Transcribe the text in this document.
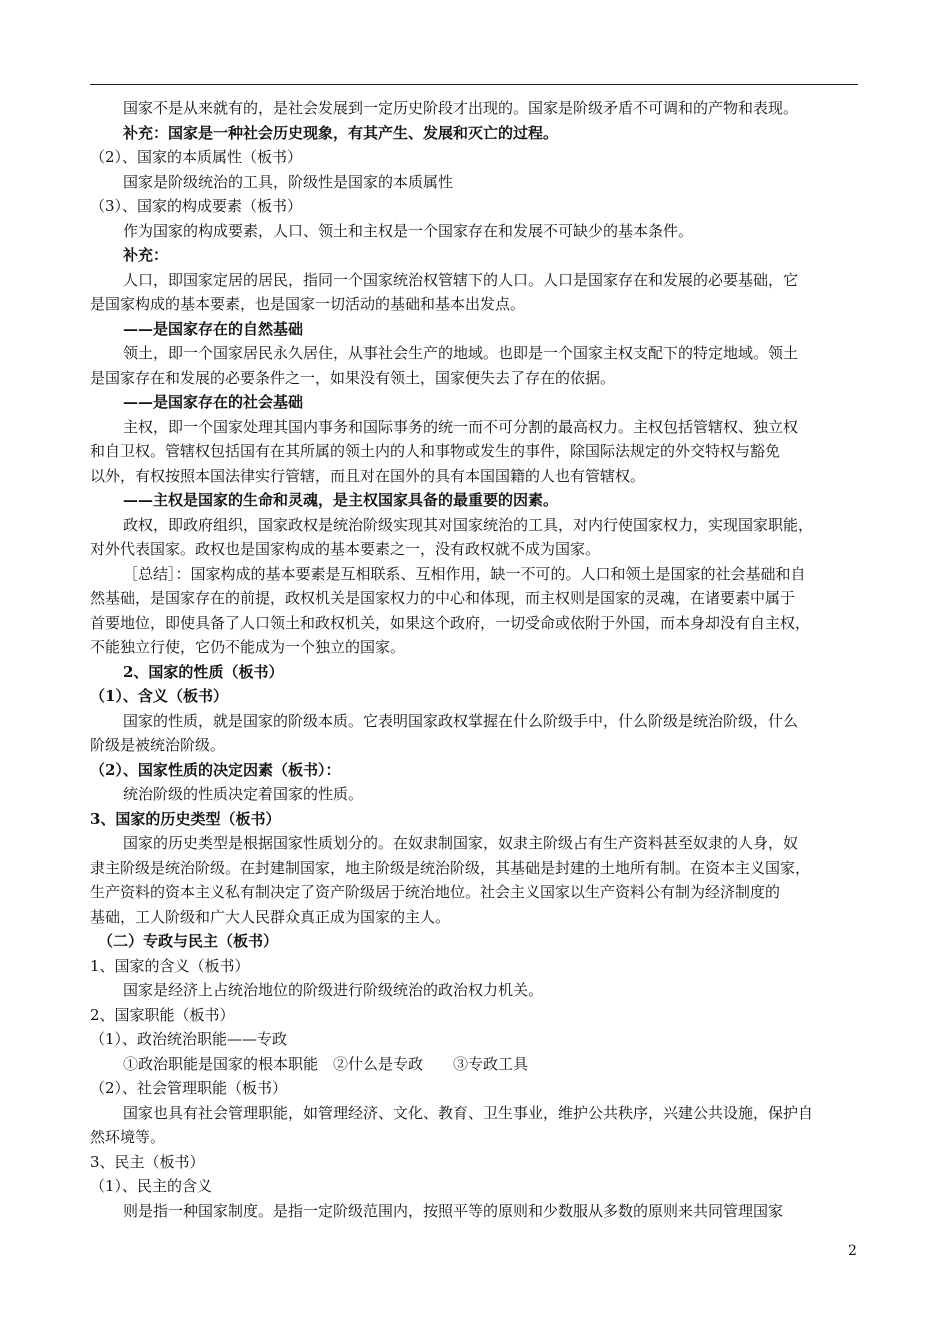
国家不是从来就有的，是社会发展到一定历史阶段才出现的。国家是阶级矛盾不可调和的产物和表现。
补充：国家是一种社会历史现象，有其产生、发展和灭亡的过程。
（2）、国家的本质属性（板书）
国家是阶级统治的工具，阶级性是国家的本质属性
（3）、国家的构成要素（板书）
作为国家的构成要素，人口、领土和主权是一个国家存在和发展不可缺少的基本条件。
补充：
人口，即国家定居的居民，指同一个国家统治权管辖下的人口。人口是国家存在和发展的必要基础，它
是国家构成的基本要素，也是国家一切活动的基础和基本出发点。
——是国家存在的自然基础
领土，即一个国家居民永久居住，从事社会生产的地域。也即是一个国家主权支配下的特定地域。领土
是国家存在和发展的必要条件之一，如果没有领土，国家便失去了存在的依据。
——是国家存在的社会基础
主权，即一个国家处理其国内事务和国际事务的统一而不可分割的最高权力。主权包括管辖权、独立权
和自卫权。管辖权包括国有在其所属的领土内的人和事物或发生的事件，除国际法规定的外交特权与豁免
以外，有权按照本国法律实行管辖，而且对在国外的具有本国国籍的人也有管辖权。
——主权是国家的生命和灵魂，是主权国家具备的最重要的因素。
政权，即政府组织，国家政权是统治阶级实现其对国家统治的工具，对内行使国家权力，实现国家职能，
对外代表国家。政权也是国家构成的基本要素之一，没有政权就不成为国家。
［总结］：国家构成的基本要素是互相联系、互相作用，缺一不可的。人口和领土是国家的社会基础和自
然基础，是国家存在的前提，政权机关是国家权力的中心和体现，而主权则是国家的灵魂，在诸要素中属于
首要地位，即使具备了人口领土和政权机关，如果这个政府，一切受命或依附于外国，而本身却没有自主权，
不能独立行使，它仍不能成为一个独立的国家。
2、国家的性质（板书）
（1）、含义（板书）
国家的性质，就是国家的阶级本质。它表明国家政权掌握在什么阶级手中，什么阶级是统治阶级，什么
阶级是被统治阶级。
（2）、国家性质的决定因素（板书）：
统治阶级的性质决定着国家的性质。
3、国家的历史类型（板书）
国家的历史类型是根据国家性质划分的。在奴隶制国家，奴隶主阶级占有生产资料甚至奴隶的人身，奴
隶主阶级是统治阶级。在封建制国家，地主阶级是统治阶级，其基础是封建的土地所有制。在资本主义国家，
生产资料的资本主义私有制决定了资产阶级居于统治地位。社会主义国家以生产资料公有制为经济制度的
基础，工人阶级和广大人民群众真正成为国家的主人。
（二）专政与民主（板书）
1、国家的含义（板书）
国家是经济上占统治地位的阶级进行阶级统治的政治权力机关。
2、国家职能（板书）
（1）、政治统治职能——专政
①政治职能是国家的根本职能　②什么是专政　　③专政工具
（2）、社会管理职能（板书）
国家也具有社会管理职能，如管理经济、文化、教育、卫生事业，维护公共秩序，兴建公共设施，保护自
然环境等。
3、民主（板书）
（1）、民主的含义
则是指一种国家制度。是指一定阶级范围内，按照平等的原则和少数服从多数的原则来共同管理国家
2
